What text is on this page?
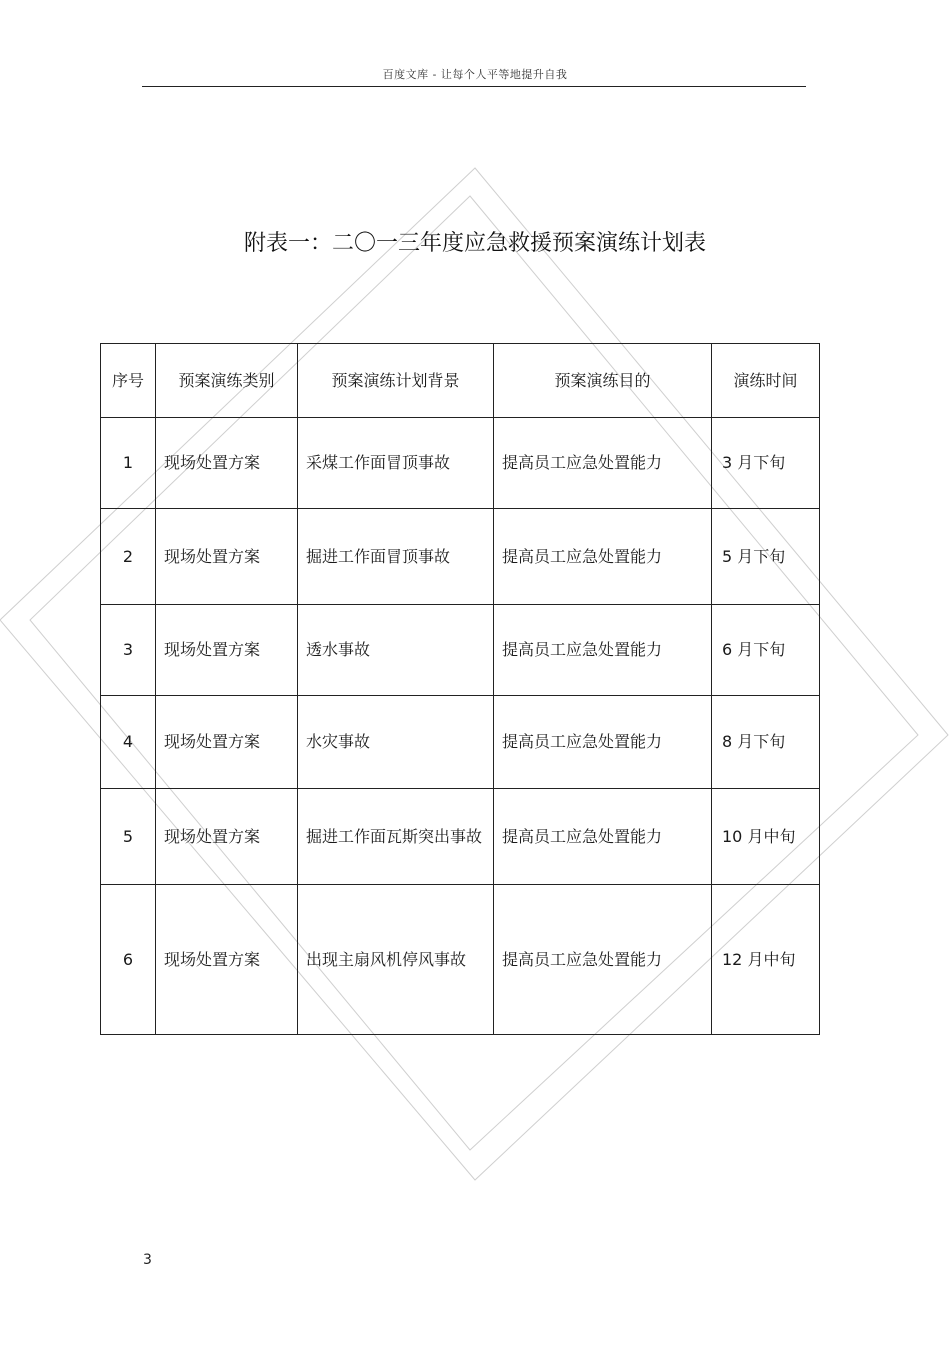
百度文库 - 让每个人平等地提升自我
附表一：二〇一三年度应急救援预案演练计划表
序号	预案演练类别	预案演练计划背景	预案演练目的	演练时间
1	现场处置方案	采煤工作面冒顶事故	提高员工应急处置能力	3 月下旬
2	现场处置方案	掘进工作面冒顶事故	提高员工应急处置能力	5 月下旬
3	现场处置方案	透水事故	提高员工应急处置能力	6 月下旬
4	现场处置方案	水灾事故	提高员工应急处置能力	8 月下旬
5	现场处置方案	掘进工作面瓦斯突出事故	提高员工应急处置能力	10 月中旬
6	现场处置方案	出现主扇风机停风事故	提高员工应急处置能力	12 月中旬
3
